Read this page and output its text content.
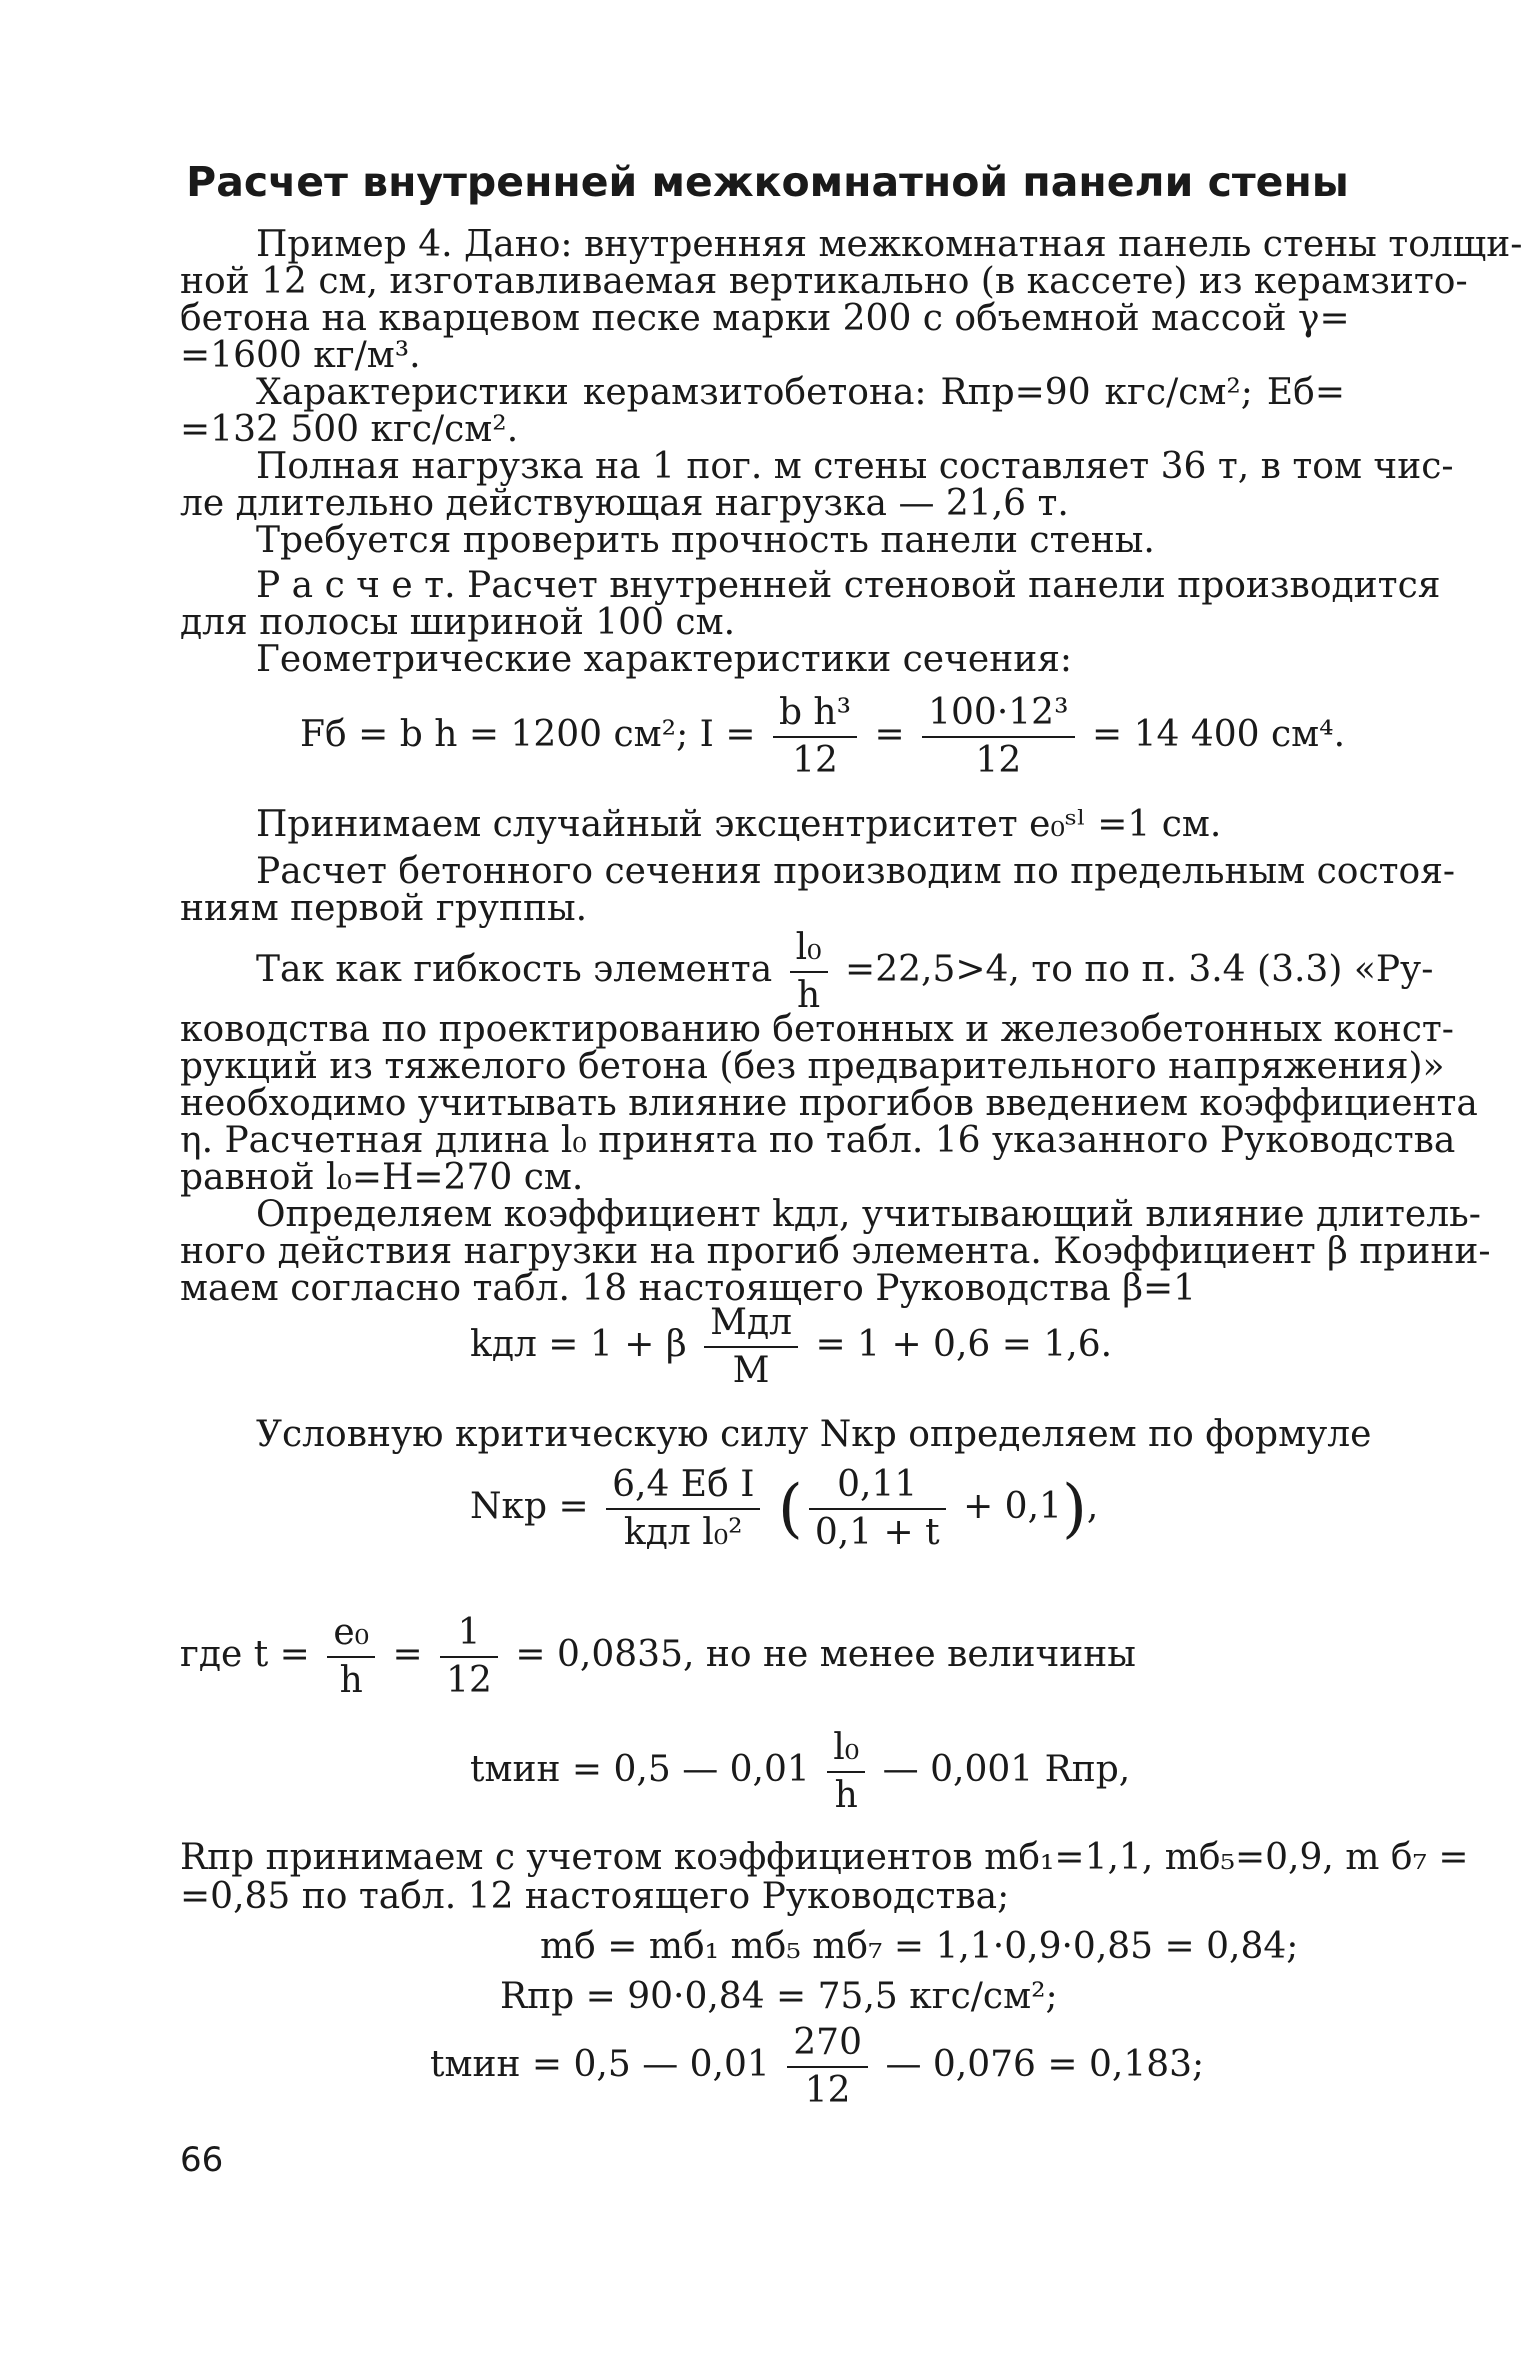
Расчет внутренней межкомнатной панели стены
Пример 4. Дано: внутренняя межкомнатная панель стены толщи-
ной 12 см, изготавливаемая вертикально (в кассете) из керамзито-
бетона на кварцевом песке марки 200 с объемной массой γ=
=1600 кг/м³.
Характеристики керамзитобетона: Rпр=90 кгс/см²; Eб=
=132 500 кгс/см².
Полная нагрузка на 1 пог. м стены составляет 36 т, в том чис-
ле длительно действующая нагрузка — 21,6 т.
Требуется проверить прочность панели стены.
Р а с ч е т. Расчет внутренней стеновой панели производится
для полосы шириной 100 см.
Геометрические характеристики сечения:
Fб = b h = 1200 см²; $I = \frac{\text{b h³}}{12} = \frac{\text{100·12³}}{12} = 14$ 400 см⁴.
Принимаем случайный эксцентриситет e₀ˢˡ =1 см.
Расчет бетонного сечения производим по предельным состоя-
ниям первой группы.
Так как гибкость элемента $\frac{\text{l₀}}{h} =22,5>4$, то по п. 3.4 (3.3) «Ру-
ководства по проектированию бетонных и железобетонных конст-
рукций из тяжелого бетона (без предварительного напряжения)»
необходимо учитывать влияние прогибов введением коэффициента
η. Расчетная длина l₀ принята по табл. 16 указанного Руководства
равной l₀=H=270 см.
Определяем коэффициент kдл, учитывающий влияние длитель-
ного действия нагрузки на прогиб элемента. Коэффициент β прини-
маем согласно табл. 18 настоящего Руководства β=1
kдл = 1 + β $\frac{\text{Mдл}}{M} = 1 + 0,6 = 1,6$.
Условную критическую силу Nкр определяем по формуле
Nкр = $\frac{\text{6,4 Eб I}}{\text{kдл l₀²}}$ ( $\frac{0,11}{0,1 + t} + 0,1$),
где $t = \frac{\text{e₀}}{h} = \frac{1}{12} = 0,0835$, но не менее величины
tмин = 0,5 — $0,01 \frac{\text{l₀}}{h}$ — 0,001 Rпр,
Rпр принимаем с учетом коэффициентов mб₁=1,1, mб₅=0,9, m б₇ =
=0,85 по табл. 12 настоящего Руководства;
mб = mб₁ mб₅ mб₇ = 1,1·0,9·0,85 = 0,84;
Rпр = 90·0,84 = 75,5 кгс/см²;
tмин = 0,5 — $0,01 \frac{270}{12}$ — 0,076 = 0,183;
66
